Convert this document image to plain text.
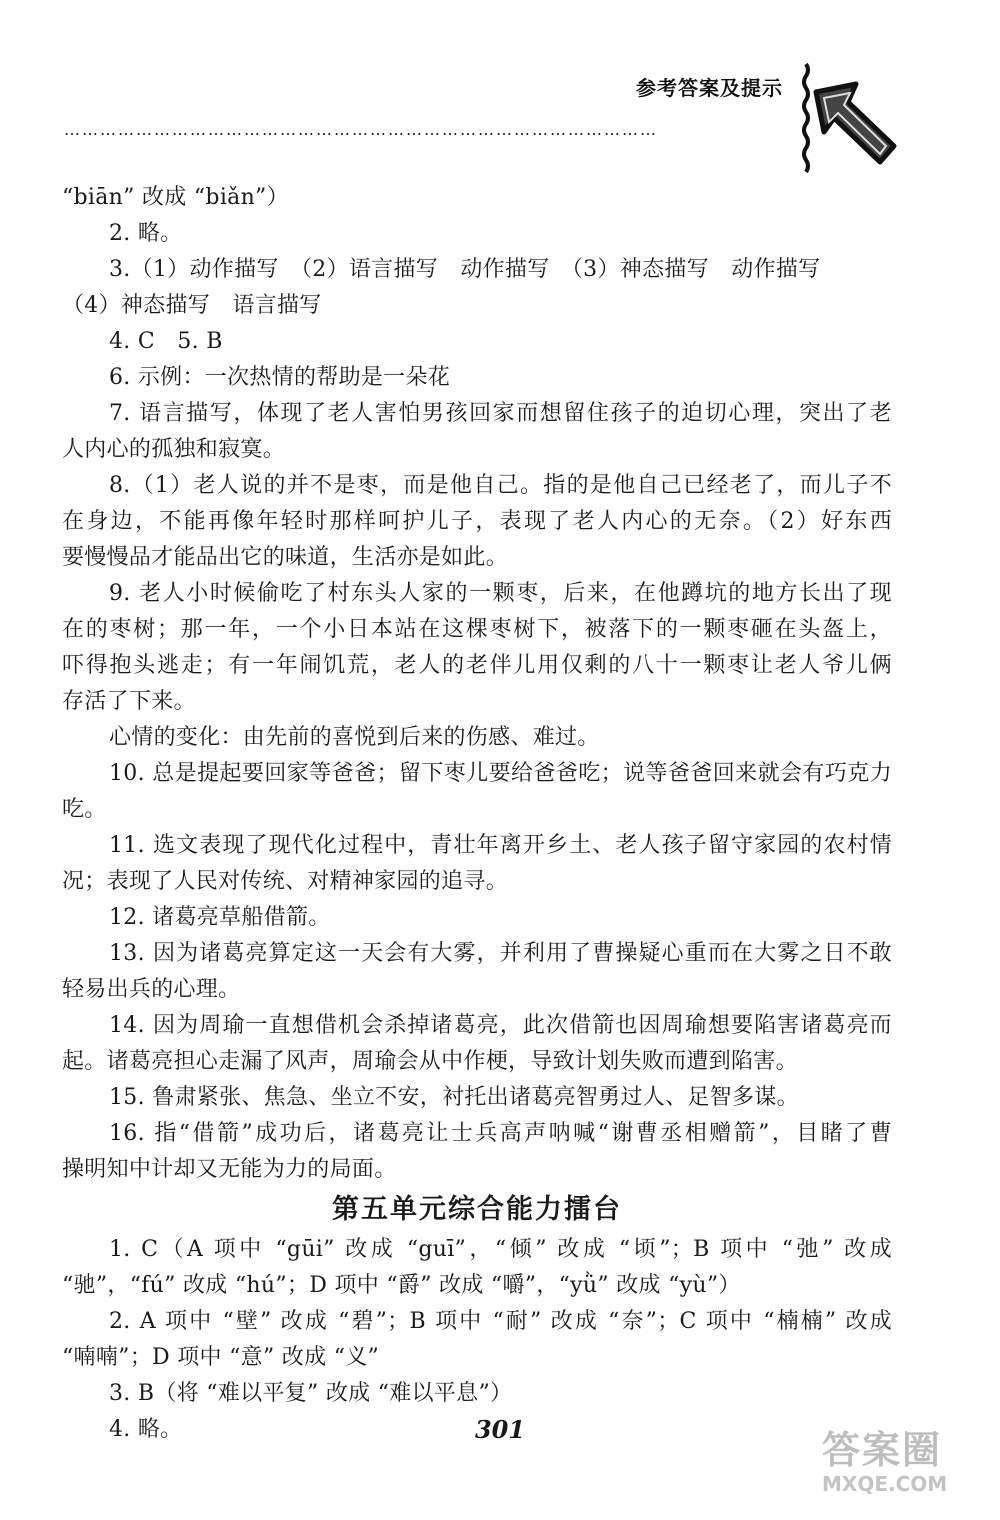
参考答案及提示
………………………………………………………………………………………
“biān” 改成 “biǎn”）
2. 略。
3.（1）动作描写　（2）语言描写　动作描写　（3）神态描写　动作描写
（4）神态描写　语言描写
4. C　5. B
6. 示例：一次热情的帮助是一朵花
7. 语言描写，体现了老人害怕男孩回家而想留住孩子的迫切心理，突出了老
人内心的孤独和寂寞。
8.（1）老人说的并不是枣，而是他自己。指的是他自己已经老了，而儿子不
在身边，不能再像年轻时那样呵护儿子，表现了老人内心的无奈。（2）好东西
要慢慢品才能品出它的味道，生活亦是如此。
9. 老人小时候偷吃了村东头人家的一颗枣，后来，在他蹲坑的地方长出了现
在的枣树；那一年，一个小日本站在这棵枣树下，被落下的一颗枣砸在头盔上，
吓得抱头逃走；有一年闹饥荒，老人的老伴儿用仅剩的八十一颗枣让老人爷儿俩
存活了下来。
心情的变化：由先前的喜悦到后来的伤感、难过。
10. 总是提起要回家等爸爸；留下枣儿要给爸爸吃；说等爸爸回来就会有巧克力
吃。
11. 选文表现了现代化过程中，青壮年离开乡土、老人孩子留守家园的农村情
况；表现了人民对传统、对精神家园的追寻。
12. 诸葛亮草船借箭。
13. 因为诸葛亮算定这一天会有大雾，并利用了曹操疑心重而在大雾之日不敢
轻易出兵的心理。
14. 因为周瑜一直想借机会杀掉诸葛亮，此次借箭也因周瑜想要陷害诸葛亮而
起。诸葛亮担心走漏了风声，周瑜会从中作梗，导致计划失败而遭到陷害。
15. 鲁肃紧张、焦急、坐立不安，衬托出诸葛亮智勇过人、足智多谋。
16. 指“借箭”成功后，诸葛亮让士兵高声呐喊“谢曹丞相赠箭”，目睹了曹
操明知中计却又无能为力的局面。
第五单元综合能力擂台
1. C（A 项中 “gūi” 改成 “guī”，“倾” 改成 “顷”；B 项中 “弛” 改成
“驰”，“fú” 改成 “hú”；D 项中 “爵” 改成 “嚼”，“yǜ” 改成 “yù”）
2. A 项中 “壁” 改成 “碧”；B 项中 “耐” 改成 “奈”；C 项中 “楠楠” 改成
“喃喃”；D 项中 “意” 改成 “义”
3. B（将 “难以平复” 改成 “难以平息”）
4. 略。	301	答案圈
MXQE.COM
